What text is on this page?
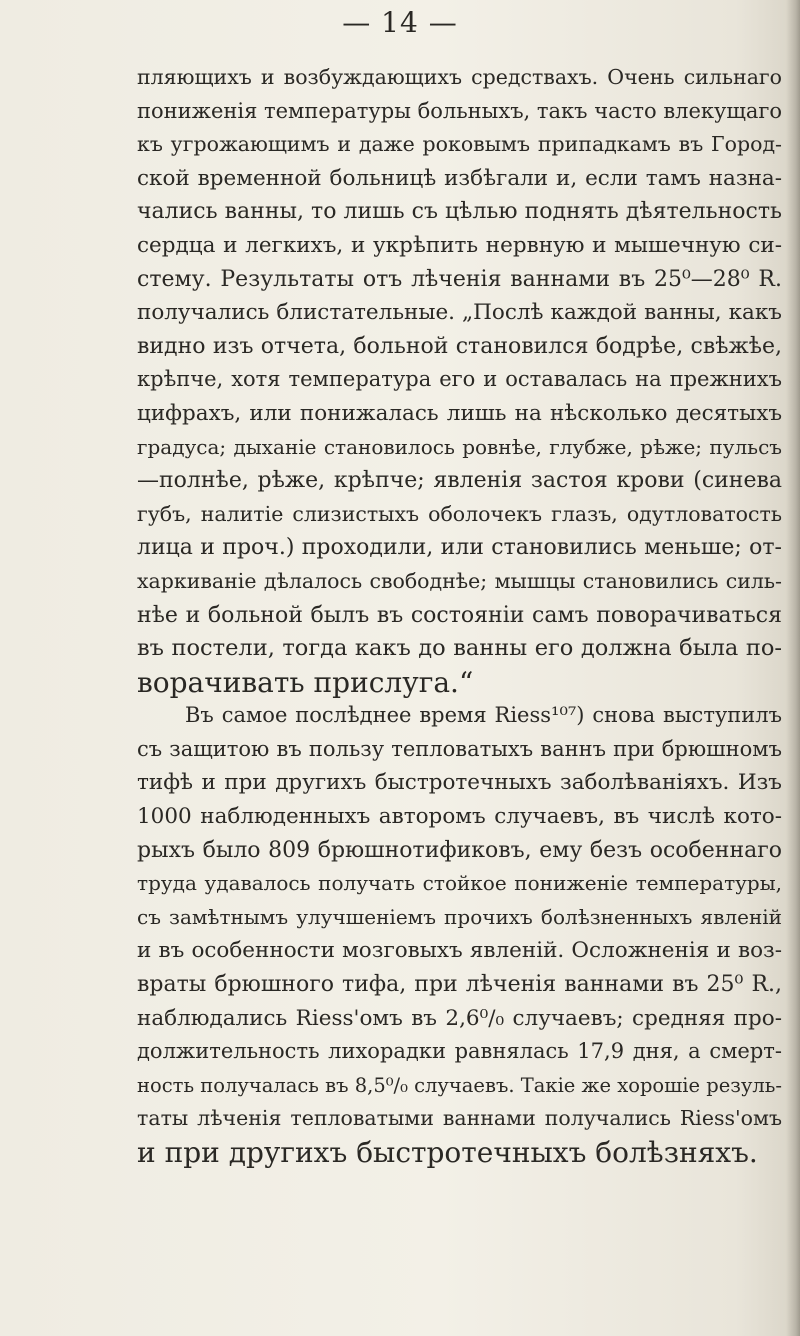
— 14 —
пляющихъ и возбуждающихъ средствахъ. Очень сильнаго
пониженія температуры больныхъ, такъ часто влекущаго
къ угрожающимъ и даже роковымъ припадкамъ въ Город-
ской временной больницѣ избѣгали и, если тамъ назна-
чались ванны, то лишь съ цѣлью поднять дѣятельность
сердца и легкихъ, и укрѣпить нервную и мышечную си-
стему. Результаты отъ лѣченія ваннами въ 25⁰—28⁰ R.
получались блистательные. „Послѣ каждой ванны, какъ
видно изъ отчета, больной становился бодрѣе, свѣжѣе,
крѣпче, хотя температура его и оставалась на прежнихъ
цифрахъ, или понижалась лишь на нѣсколько десятыхъ
градуса; дыханіе становилось ровнѣе, глубже, рѣже; пульсъ
—полнѣе, рѣже, крѣпче; явленія застоя крови (синева
губъ, налитіе слизистыхъ оболочекъ глазъ, одутловатость
лица и проч.) проходили, или становились меньше; от-
харкиваніе дѣлалось свободнѣе; мышцы становились силь-
нѣе и больной былъ въ состояніи самъ поворачиваться
въ постели, тогда какъ до ванны его должна была по-
ворачивать прислуга.“
Въ самое послѣднее время Riess¹⁰⁷) снова выступилъ
съ защитою въ пользу тепловатыхъ ваннъ при брюшномъ
тифѣ и при другихъ быстротечныхъ заболѣваніяхъ. Изъ
1000 наблюденныхъ авторомъ случаевъ, въ числѣ кото-
рыхъ было 809 брюшнотификовъ, ему безъ особеннаго
труда удавалось получать стойкое пониженіе температуры,
съ замѣтнымъ улучшеніемъ прочихъ болѣзненныхъ явленій
и въ особенности мозговыхъ явленій. Осложненія и воз-
враты брюшного тифа, при лѣченія ваннами въ 25⁰ R.,
наблюдались Riess'омъ въ 2,6⁰/₀ случаевъ; средняя про-
должительность лихорадки равнялась 17,9 дня, а смерт-
ность получалась въ 8,5⁰/₀ случаевъ. Такіе же хорошіе резуль-
таты лѣченія тепловатыми ваннами получались Riess'омъ
и при другихъ быстротечныхъ болѣзняхъ.
